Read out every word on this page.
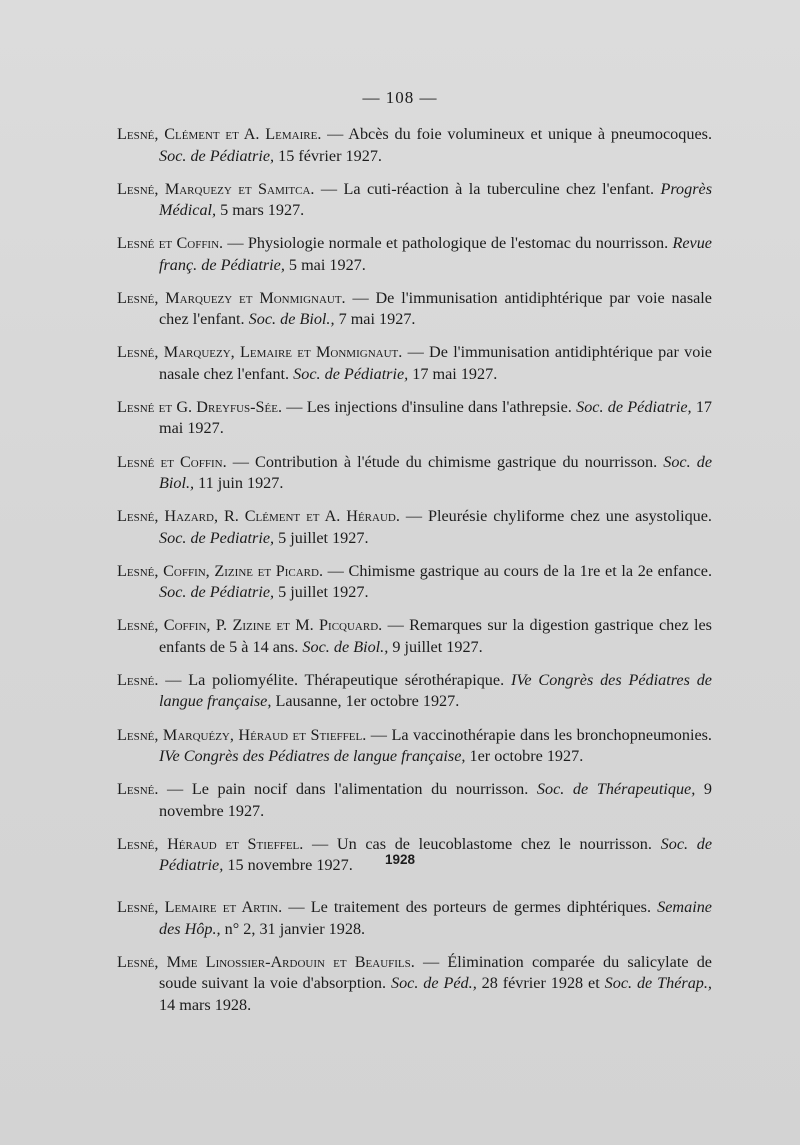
— 108 —

Lesné, Clément et A. Lemaire. — Abcès du foie volumineux et unique à pneumocoques. Soc. de Pédiatrie, 15 février 1927.

Lesné, Marquezy et Samitca. — La cuti-réaction à la tuberculine chez l'enfant. Progrès Médical, 5 mars 1927.

Lesné et Coffin. — Physiologie normale et pathologique de l'estomac du nourrisson. Revue franç. de Pédiatrie, 5 mai 1927.

Lesné, Marquezy et Monmignaut. — De l'immunisation antidiphtérique par voie nasale chez l'enfant. Soc. de Biol., 7 mai 1927.

Lesné, Marquezy, Lemaire et Monmignaut. — De l'immunisation antidiphtérique par voie nasale chez l'enfant. Soc. de Pédiatrie, 17 mai 1927.

Lesné et G. Dreyfus-Sée. — Les injections d'insuline dans l'athrepsie. Soc. de Pédiatrie, 17 mai 1927.

Lesné et Coffin. — Contribution à l'étude du chimisme gastrique du nourrisson. Soc. de Biol., 11 juin 1927.

Lesné, Hazard, R. Clément et A. Héraud. — Pleurésie chyliforme chez une asystolique. Soc. de Pediatrie, 5 juillet 1927.

Lesné, Coffin, Zizine et Picard. — Chimisme gastrique au cours de la 1re et la 2e enfance. Soc. de Pédiatrie, 5 juillet 1927.

Lesné, Coffin, P. Zizine et M. Picquard. — Remarques sur la digestion gastrique chez les enfants de 5 à 14 ans. Soc. de Biol., 9 juillet 1927.

Lesné. — La poliomyélite. Thérapeutique sérothérapique. IVe Congrès des Pédiatres de langue française, Lausanne, 1er octobre 1927.

Lesné, Marquézy, Héraud et Stieffel. — La vaccinothérapie dans les bronchopneumonies. IVe Congrès des Pédiatres de langue française, 1er octobre 1927.

Lesné. — Le pain nocif dans l'alimentation du nourrisson. Soc. de Thérapeutique, 9 novembre 1927.

Lesné, Héraud et Stieffel. — Un cas de leucoblastome chez le nourrisson. Soc. de Pédiatrie, 15 novembre 1927.	1928

Lesné, Lemaire et Artin. — Le traitement des porteurs de germes diphtériques. Semaine des Hôp., n° 2, 31 janvier 1928.

Lesné, Mme Linossier-Ardouin et Beaufils. — Élimination comparée du salicylate de soude suivant la voie d'absorption. Soc. de Péd., 28 février 1928 et Soc. de Thérap., 14 mars 1928.
